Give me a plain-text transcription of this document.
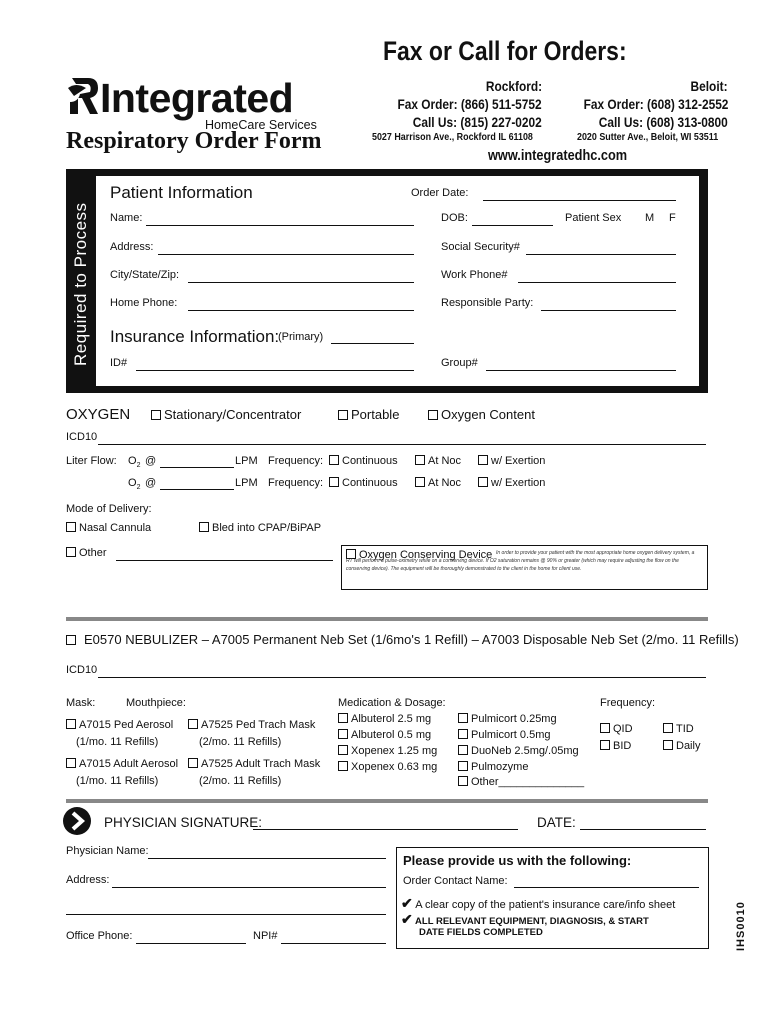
Fax or Call for Orders:
Rockford:
Fax Order: (866) 511-5752
Call Us: (815) 227-0202
5027 Harrison Ave., Rockford IL 61108
Beloit:
Fax Order: (608) 312-2552
Call Us: (608) 313-0800
2020 Sutter Ave., Beloit, WI 53511
www.integratedhc.com
Integrated
HomeCare Services
Respiratory Order Form
Required to Process
Patient Information	Order Date:
Name:	DOB:	Patient Sex M F
Address:	Social Security#
City/State/Zip:	Work Phone#
Home Phone:	Responsible Party:
Insurance Information:
(Primary)
ID#	Group#
OXYGEN	Stationary/Concentrator	Portable	Oxygen Content
ICD10
Liter Flow: $O_2$ @	LPM Frequency:	Continuous	At Noc	w/ Exertion
$O_2$ @	LPM Frequency:	Continuous	At Noc	w/ Exertion
Mode of Delivery:
Nasal Cannula	Bled into CPAP/BiPAP
Other	Oxygen Conserving Device In order to provide your patient with the most appropriate home oxygen delivery system, a RT will perform a pulse-oximetry while on a conserving device. If O2 saturation remains @ 90% or greater (which may require adjusting the flow on the conserving device). The equipment will be thoroughly demonstrated to the client in the home for client use.
E0570 NEBULIZER – A7005 Permanent Neb Set (1/6mo's 1 Refill) – A7003 Disposable Neb Set (2/mo. 11 Refills)
ICD10
Mask:	Mouthpiece:
A7015 Ped Aerosol
(1/mo. 11 Refills)
A7525 Ped Trach Mask
(2/mo. 11 Refills)
A7015 Adult Aerosol
(1/mo. 11 Refills)
A7525 Adult Trach Mask
(2/mo. 11 Refills)
Medication & Dosage:
Albuterol 2.5 mg
Albuterol 0.5 mg
Xopenex 1.25 mg
Xopenex 0.63 mg
Pulmicort 0.25mg
Pulmicort 0.5mg
DuoNeb 2.5mg/.05mg
Pulmozyme
Other______________
Frequency:
QID	TID
BID	Daily
PHYSICIAN SIGNATURE:	DATE:
Physician Name:
Address:
Office Phone:	NPI#
Please provide us with the following:
Order Contact Name:
✔ A clear copy of the patient's insurance care/info sheet
✔ ALL RELEVANT EQUIPMENT, DIAGNOSIS, & START
DATE FIELDS COMPLETED	IHS0010
